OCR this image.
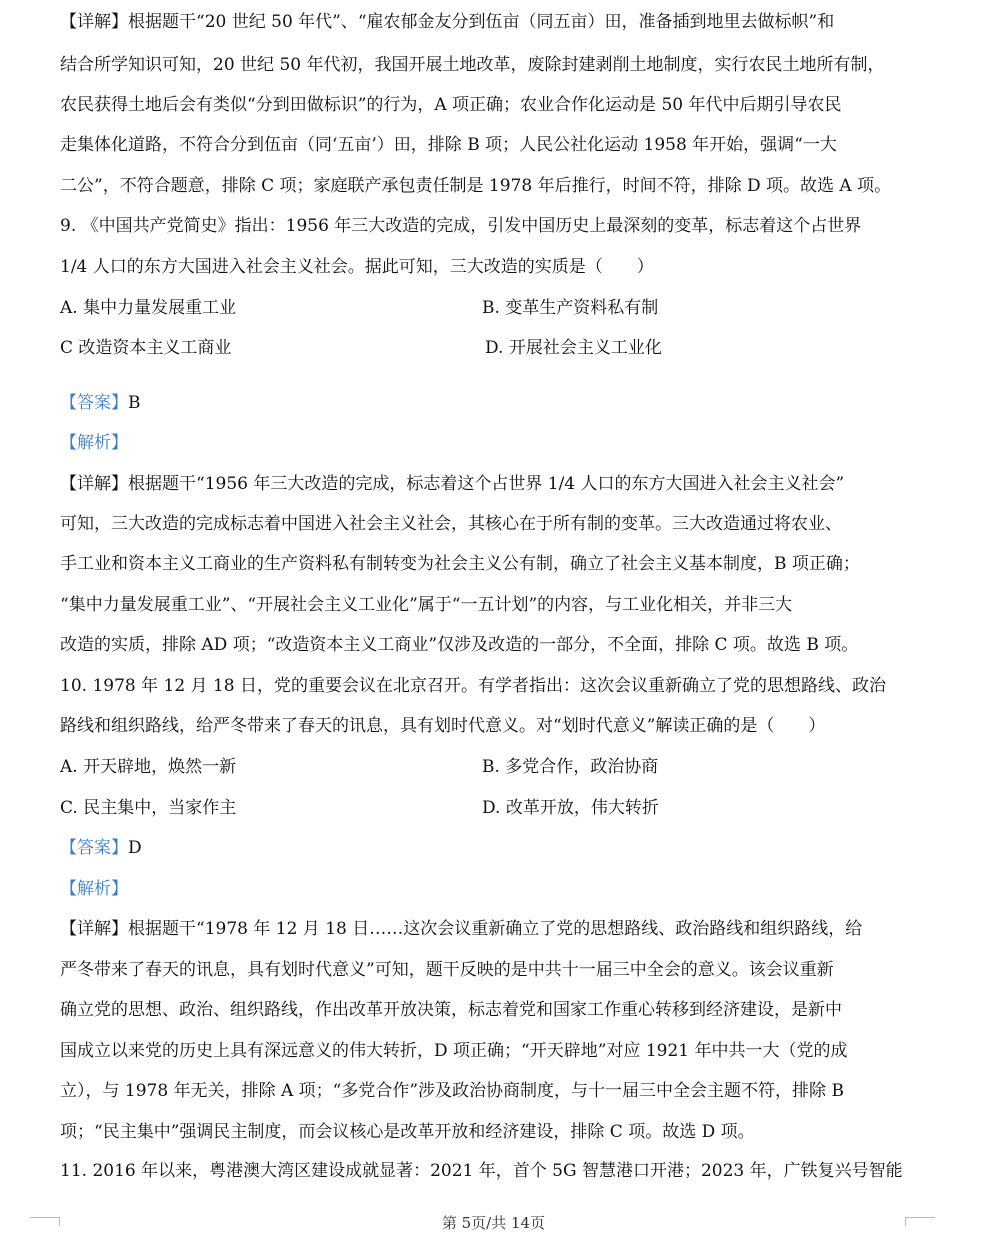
【详解】根据题干“20 世纪 50 年代”、“雇农郁金友分到伍亩（同五亩）田，准备插到地里去做标帜”和
结合所学知识可知，20 世纪 50 年代初，我国开展土地改革，废除封建剥削土地制度，实行农民土地所有制，
农民获得土地后会有类似“分到田做标识”的行为，A 项正确；农业合作化运动是 50 年代中后期引导农民
走集体化道路，不符合分到伍亩（同‘五亩’）田，排除 B 项；人民公社化运动 1958 年开始，强调“一大
二公”，不符合题意，排除 C 项；家庭联产承包责任制是 1978 年后推行，时间不符，排除 D 项。故选 A 项。
9. 《中国共产党简史》指出：1956 年三大改造的完成，引发中国历史上最深刻的变革，标志着这个占世界
1/4 人口的东方大国进入社会主义社会。据此可知，三大改造的实质是（　　）
A. 集中力量发展重工业	B. 变革生产资料私有制
C 改造资本主义工商业	D. 开展社会主义工业化
【答案】B
【解析】
【详解】根据题干“1956 年三大改造的完成，标志着这个占世界 1/4 人口的东方大国进入社会主义社会”
可知，三大改造的完成标志着中国进入社会主义社会，其核心在于所有制的变革。三大改造通过将农业、
手工业和资本主义工商业的生产资料私有制转变为社会主义公有制，确立了社会主义基本制度，B 项正确；
“集中力量发展重工业”、“开展社会主义工业化”属于“一五计划”的内容，与工业化相关，并非三大
改造的实质，排除 AD 项；“改造资本主义工商业”仅涉及改造的一部分，不全面，排除 C 项。故选 B 项。
10. 1978 年 12 月 18 日，党的重要会议在北京召开。有学者指出：这次会议重新确立了党的思想路线、政治
路线和组织路线，给严冬带来了春天的讯息，具有划时代意义。对“划时代意义”解读正确的是（　　）
A. 开天辟地，焕然一新	B. 多党合作，政治协商
C. 民主集中，当家作主	D. 改革开放，伟大转折
【答案】D
【解析】
【详解】根据题干“1978 年 12 月 18 日……这次会议重新确立了党的思想路线、政治路线和组织路线，给
严冬带来了春天的讯息，具有划时代意义”可知，题干反映的是中共十一届三中全会的意义。该会议重新
确立党的思想、政治、组织路线，作出改革开放决策，标志着党和国家工作重心转移到经济建设，是新中
国成立以来党的历史上具有深远意义的伟大转折，D 项正确；“开天辟地”对应 1921 年中共一大（党的成
立），与 1978 年无关，排除 A 项；“多党合作”涉及政治协商制度，与十一届三中全会主题不符，排除 B
项；“民主集中”强调民主制度，而会议核心是改革开放和经济建设，排除 C 项。故选 D 项。
11. 2016 年以来，粤港澳大湾区建设成就显著：2021 年，首个 5G 智慧港口开港；2023 年，广铁复兴号智能
第 5页/共 14页
